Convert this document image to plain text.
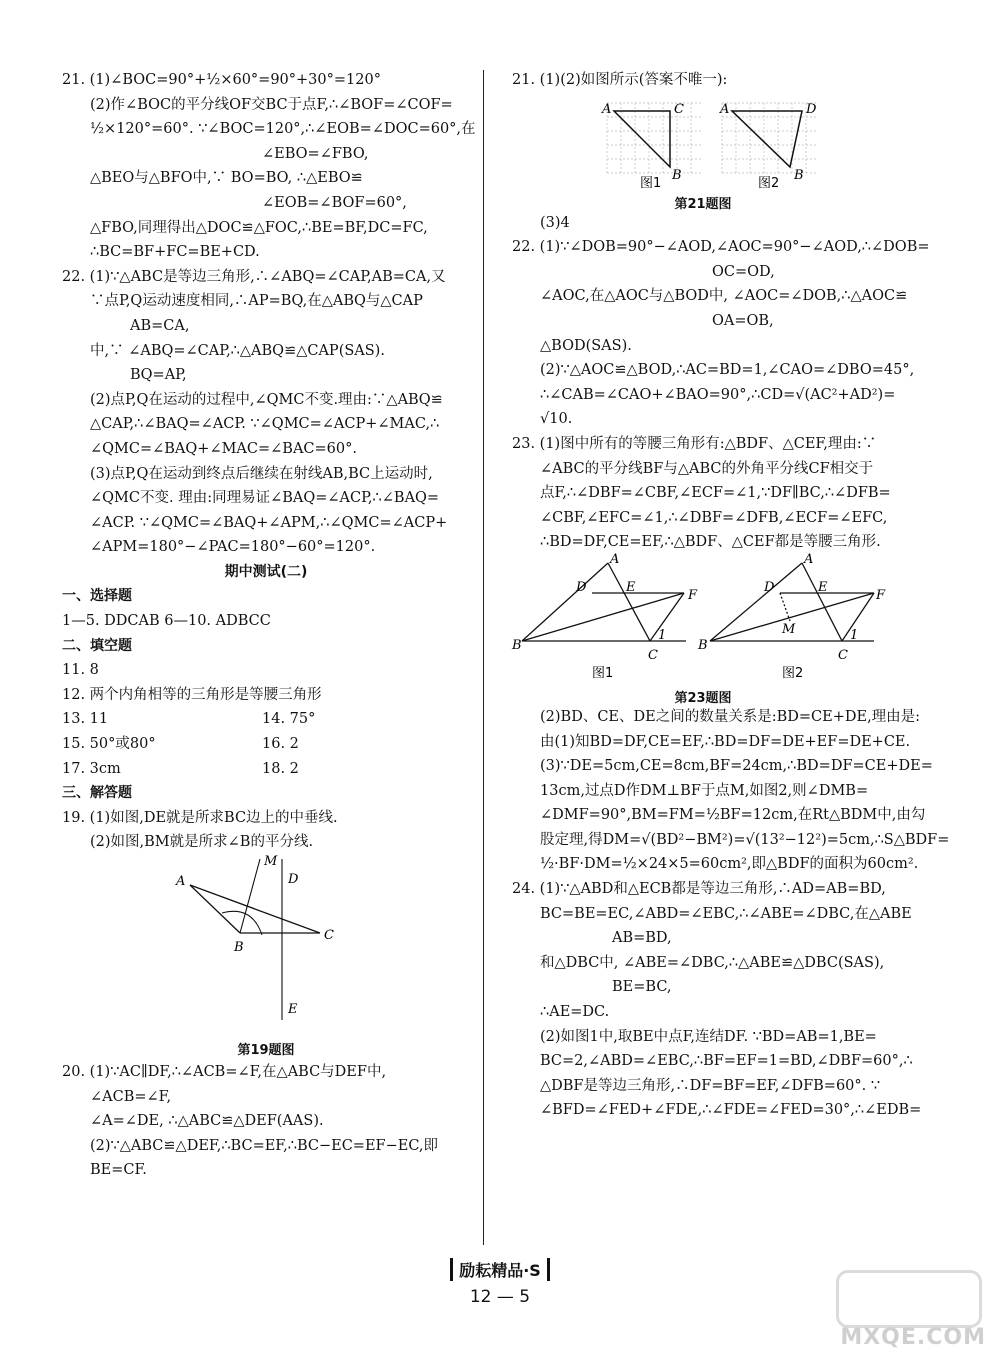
21. (1)∠BOC=90°+½×60°=90°+30°=120°
(2)作∠BOC的平分线OF交BC于点F,∴∠BOF=∠COF=
½×120°=60°. ∵∠BOC=120°,∴∠EOB=∠DOC=60°,在
∠EBO=∠FBO,
△BEO与△BFO中,∵ BO=BO, ∴△EBO≌
∠EOB=∠BOF=60°,
△FBO,同理得出△DOC≌△FOC,∴BE=BF,DC=FC,
∴BC=BF+FC=BE+CD.
22. (1)∵△ABC是等边三角形,∴∠ABQ=∠CAP,AB=CA,又
∵点P,Q运动速度相同,∴AP=BQ,在△ABQ与△CAP
AB=CA,
中,∵ ∠ABQ=∠CAP,∴△ABQ≌△CAP(SAS).
BQ=AP,
(2)点P,Q在运动的过程中,∠QMC不变.理由:∵△ABQ≌
△CAP,∴∠BAQ=∠ACP. ∵∠QMC=∠ACP+∠MAC,∴
∠QMC=∠BAQ+∠MAC=∠BAC=60°.
(3)点P,Q在运动到终点后继续在射线AB,BC上运动时,
∠QMC不变. 理由:同理易证∠BAQ=∠ACP,∴∠BAQ=
∠ACP. ∵∠QMC=∠BAQ+∠APM,∴∠QMC=∠ACP+
∠APM=180°−∠PAC=180°−60°=120°.
期中测试(二)
一、选择题
1—5. DDCAB 6—10. ADBCC
二、填空题
11. 8
12. 两个内角相等的三角形是等腰三角形
13. 11	14. 75°
15. 50°或80°	16. 2
17. 3cm	18. 2
三、解答题
19. (1)如图,DE就是所求BC边上的中垂线.
(2)如图,BM就是所求∠B的平分线.
A
B
C
D
E
M
第19题图
20. (1)∵AC∥DF,∴∠ACB=∠F,在△ABC与DEF中,
∠ACB=∠F,
∠A=∠DE, ∴△ABC≌△DEF(AAS).
(2)∵△ABC≌△DEF,∴BC=EF,∴BC−EC=EF−EC,即
BE=CF.
21. (1)(2)如图所示(答案不唯一):
A	C
B
A	D
B
图1	图2
第21题图
(3)4
22. (1)∵∠DOB=90°−∠AOD,∠AOC=90°−∠AOD,∴∠DOB=
OC=OD,
∠AOC,在△AOC与△BOD中, ∠AOC=∠DOB,∴△AOC≌
OA=OB,
△BOD(SAS).
(2)∵△AOC≌△BOD,∴AC=BD=1,∠CAO=∠DBO=45°,
∴∠CAB=∠CAO+∠BAO=90°,∴CD=√(AC²+AD²)=
√10.
23. (1)图中所有的等腰三角形有:△BDF、△CEF,理由:∵
∠ABC的平分线BF与△ABC的外角平分线CF相交于
点F,∴∠DBF=∠CBF,∠ECF=∠1,∵DF∥BC,∴∠DFB=
∠CBF,∠EFC=∠1,∴∠DBF=∠DFB,∠ECF=∠EFC,
∴BD=DF,CE=EF,∴△BDF、△CEF都是等腰三角形.
A
D	E
F
B
C
1
A
D	E
F
B
C
M	1
图1	图2
第23题图
(2)BD、CE、DE之间的数量关系是:BD=CE+DE,理由是:
由(1)知BD=DF,CE=EF,∴BD=DF=DE+EF=DE+CE.
(3)∵DE=5cm,CE=8cm,BF=24cm,∴BD=DF=CE+DE=
13cm,过点D作DM⊥BF于点M,如图2,则∠DMB=
∠DMF=90°,BM=FM=½BF=12cm,在Rt△BDM中,由勾
股定理,得DM=√(BD²−BM²)=√(13²−12²)=5cm,∴S△BDF=
½·BF·DM=½×24×5=60cm²,即△BDF的面积为60cm².
24. (1)∵△ABD和△ECB都是等边三角形,∴AD=AB=BD,
BC=BE=EC,∠ABD=∠EBC,∴∠ABE=∠DBC,在△ABE
AB=BD,
和△DBC中, ∠ABE=∠DBC,∴△ABE≌△DBC(SAS),
BE=BC,
∴AE=DC.
(2)如图1中,取BE中点F,连结DF. ∵BD=AB=1,BE=
BC=2,∠ABD=∠EBC,∴BF=EF=1=BD,∠DBF=60°,∴
△DBF是等边三角形,∴DF=BF=EF,∠DFB=60°. ∵
∠BFD=∠FED+∠FDE,∴∠FDE=∠FED=30°,∴∠EDB=
励耘精品·S
12 — 5
MXQE.COM
